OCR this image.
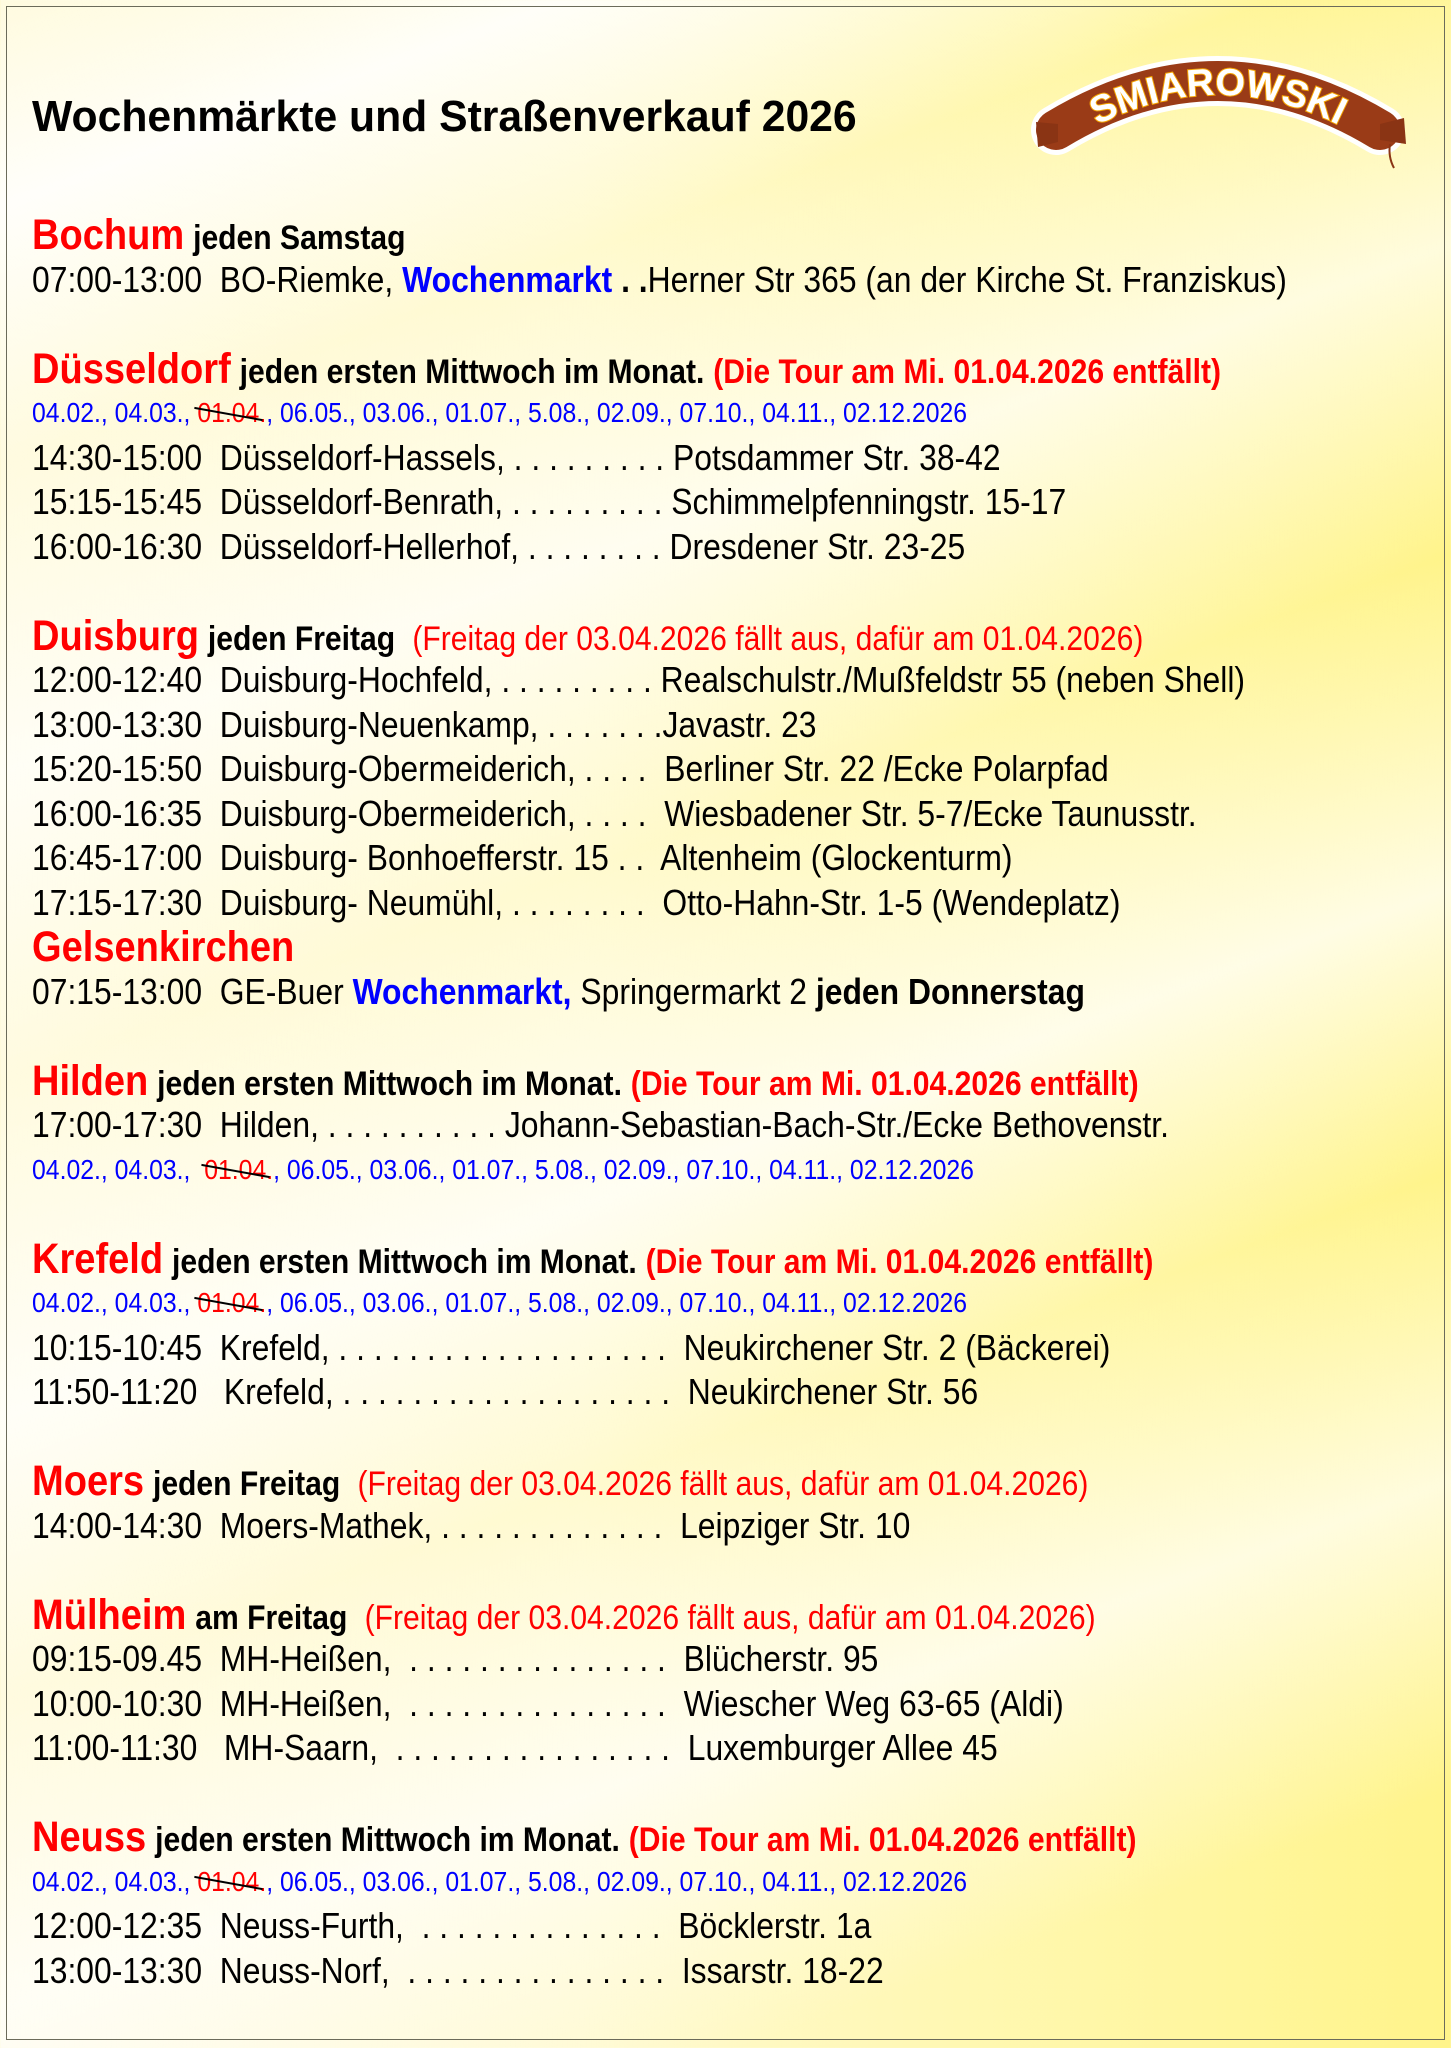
Wochenmärkte und Straßenverkauf 2026	SMIAROWSKI
Bochum jeden Samstag
07:00-13:00  BO-Riemke, Wochenmarkt . .Herner Str 365 (an der Kirche St. Franziskus)
Düsseldorf jeden ersten Mittwoch im Monat. (Die Tour am Mi. 01.04.2026 entfällt)
04.02., 04.03., 01.04., 06.05., 03.06., 01.07., 5.08., 02.09., 07.10., 04.11., 02.12.2026
14:30-15:00  Düsseldorf-Hassels, . . . . . . . . . Potsdammer Str. 38-42
15:15-15:45  Düsseldorf-Benrath, . . . . . . . . . Schimmelpfenningstr. 15-17
16:00-16:30  Düsseldorf-Hellerhof, . . . . . . . . Dresdener Str. 23-25
Duisburg jeden Freitag  (Freitag der 03.04.2026 fällt aus, dafür am 01.04.2026)
12:00-12:40  Duisburg-Hochfeld, . . . . . . . . . Realschulstr./Mußfeldstr 55 (neben Shell)
13:00-13:30  Duisburg-Neuenkamp, . . . . . . .Javastr. 23
15:20-15:50  Duisburg-Obermeiderich, . . . .  Berliner Str. 22 /Ecke Polarpfad
16:00-16:35  Duisburg-Obermeiderich, . . . .  Wiesbadener Str. 5-7/Ecke Taunusstr.
16:45-17:00  Duisburg- Bonhoefferstr. 15 . .  Altenheim (Glockenturm)
17:15-17:30  Duisburg- Neumühl, . . . . . . . .  Otto-Hahn-Str. 1-5 (Wendeplatz)
Gelsenkirchen
07:15-13:00  GE-Buer Wochenmarkt, Springermarkt 2 jeden Donnerstag
Hilden jeden ersten Mittwoch im Monat. (Die Tour am Mi. 01.04.2026 entfällt)
17:00-17:30  Hilden, . . . . . . . . . . Johann-Sebastian-Bach-Str./Ecke Bethovenstr.
04.02., 04.03.,  01.04., 06.05., 03.06., 01.07., 5.08., 02.09., 07.10., 04.11., 02.12.2026
Krefeld jeden ersten Mittwoch im Monat. (Die Tour am Mi. 01.04.2026 entfällt)
04.02., 04.03., 01.04., 06.05., 03.06., 01.07., 5.08., 02.09., 07.10., 04.11., 02.12.2026
10:15-10:45  Krefeld, . . . . . . . . . . . . . . . . . . .  Neukirchener Str. 2 (Bäckerei)
11:50-11:20   Krefeld, . . . . . . . . . . . . . . . . . . .  Neukirchener Str. 56
Moers jeden Freitag  (Freitag der 03.04.2026 fällt aus, dafür am 01.04.2026)
14:00-14:30  Moers-Mathek, . . . . . . . . . . . . .  Leipziger Str. 10
Mülheim am Freitag  (Freitag der 03.04.2026 fällt aus, dafür am 01.04.2026)
09:15-09.45  MH-Heißen,  . . . . . . . . . . . . . . .  Blücherstr. 95
10:00-10:30  MH-Heißen,  . . . . . . . . . . . . . . .  Wiescher Weg 63-65 (Aldi)
11:00-11:30   MH-Saarn,  . . . . . . . . . . . . . . . .  Luxemburger Allee 45
Neuss jeden ersten Mittwoch im Monat. (Die Tour am Mi. 01.04.2026 entfällt)
04.02., 04.03., 01.04., 06.05., 03.06., 01.07., 5.08., 02.09., 07.10., 04.11., 02.12.2026
12:00-12:35  Neuss-Furth,  . . . . . . . . . . . . . .  Böcklerstr. 1a
13:00-13:30  Neuss-Norf,  . . . . . . . . . . . . . . .  Issarstr. 18-22
